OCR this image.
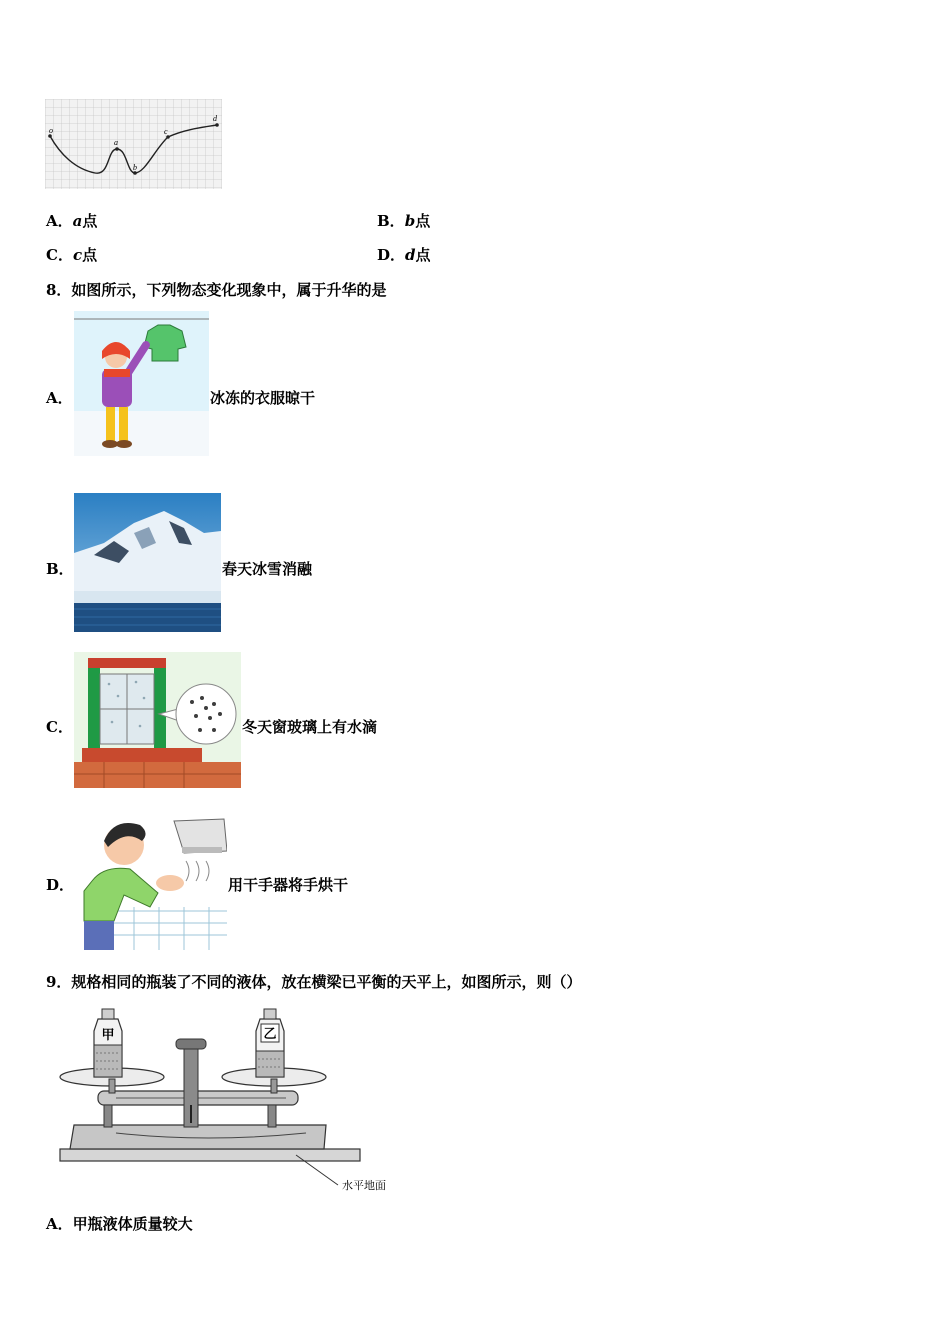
o
a
b
c
d
A．a点	B．b点
C．c点	D．d点
8．如图所示，下列物态变化现象中，属于升华的是
A．	冰冻的衣服晾干
B．	春天冰雪消融
C．	冬天窗玻璃上有水滴
D．	用干手器将手烘干
9．规格相同的瓶装了不同的液体，放在横梁已平衡的天平上，如图所示，则（）
甲	乙
水平地面
A．甲瓶液体质量较大
